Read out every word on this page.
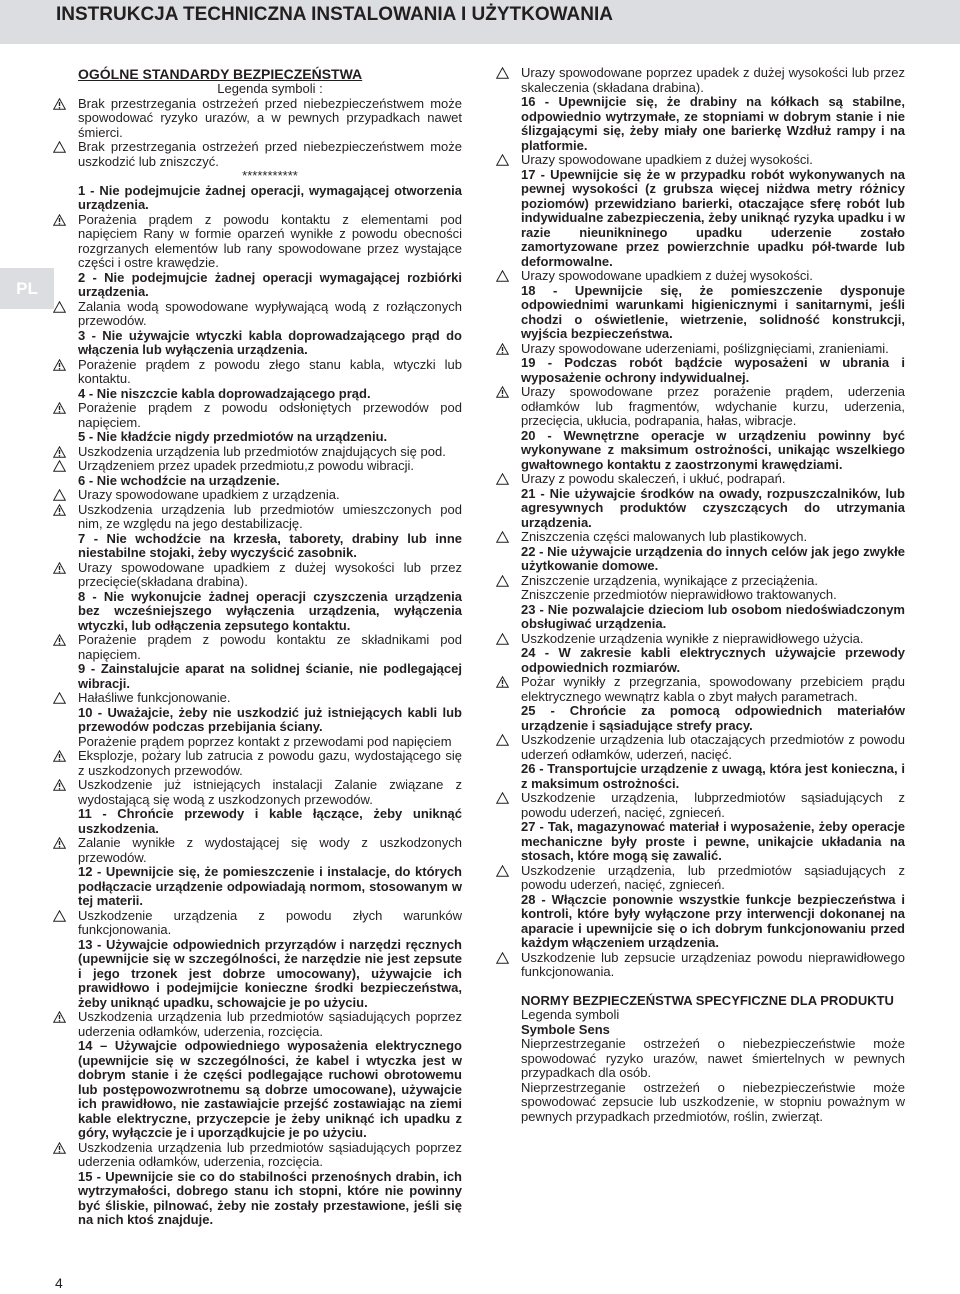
INSTRUKCJA TECHNICZNA INSTALOWANIA I UŻYTKOWANIA
PL

OGÓLNE STANDARDY BEZPIECZEŃSTWA

Legenda symboli :

Brak przestrzegania ostrzeżeń przed niebezpieczeństwem może spowodować ryzyko urazów, a w pewnych przypadkach nawet śmierci.

Brak przestrzegania ostrzeżeń przed niebezpieczeństwem może uszkodzić lub zniszczyć.

***********

1 - Nie podejmujcie żadnej operacji, wymagającej otworzenia urządzenia.

Porażenia prądem z powodu kontaktu z elementami pod napięciem Rany w formie oparzeń wynikłe z powodu obecności rozgrzanych elementów lub rany spowodowane przez wystające części i ostre krawędzie.

2 - Nie podejmujcie żadnej operacji wymagającej rozbiórki urządzenia.

Zalania wodą spowodowane wypływającą wodą z rozłączonych przewodów.

3 - Nie używajcie wtyczki kabla doprowadzającego prąd do włączenia lub wyłączenia urządzenia.

Porażenie prądem z powodu złego stanu kabla, wtyczki lub kontaktu.

4 - Nie niszczcie kabla doprowadzającego prąd.

Porażenie prądem z powodu odsłoniętych przewodów pod napięciem.

5 - Nie kładźcie nigdy przedmiotów na urządzeniu.

Uszkodzenia urządzenia lub przedmiotów znajdujących się pod.

Urządzeniem przez upadek przedmiotu,z powodu wibracji.

6 - Nie wchodźcie na urządzenie.

Urazy spowodowane upadkiem z urządzenia.

Uszkodzenia urządzenia lub przedmiotów umieszczonych pod nim, ze względu na jego destabilizację.

7 - Nie wchodźcie na krzesła, taborety, drabiny lub inne niestabilne stojaki, żeby wyczyścić zasobnik.

Urazy spowodowane upadkiem z dużej wysokości lub przez przecięcie(składana drabina).

8 - Nie wykonujcie żadnej operacji czyszczenia urządzenia bez wcześniejszego wyłączenia urządzenia, wyłączenia wtyczki, lub odłączenia zepsutego kontaktu.

Porażenie prądem z powodu kontaktu ze składnikami pod napięciem.

9 - Zainstalujcie aparat na solidnej ścianie, nie podlegającej wibracji.

Hałaśliwe funkcjonowanie.

10 - Uważajcie, żeby nie uszkodzić już istniejących kabli lub przewodów podczas przebijania ściany.

Porażenie prądem poprzez kontakt z przewodami pod napięciem

Eksplozje, pożary lub zatrucia z powodu gazu, wydostającego się z uszkodzonych przewodów.

Uszkodzenie już istniejących instalacji Zalanie związane z wydostającą się wodą z uszkodzonych przewodów.

11 - Chrońcie przewody i kable łączące, żeby uniknąć uszkodzenia.

Zalanie wynikłe z wydostającej się wody z uszkodzonych przewodów.

12 - Upewnijcie się, że pomieszczenie i instalacje, do których podłączacie urządzenie odpowiadają normom, stosowanym w tej materii.

Uszkodzenie urządzenia z powodu złych warunków funkcjonowania.

13 - Używajcie odpowiednich przyrządów i narzędzi ręcznych (upewnijcie się w szczególności, że narzędzie nie jest zepsute i jego trzonek jest dobrze umocowany), używajcie ich prawidłowo i podejmijcie konieczne środki bezpieczeństwa, żeby uniknąć upadku, schowajcie je po użyciu.

Uszkodzenia urządzenia lub przedmiotów sąsiadujących poprzez uderzenia odłamków, uderzenia, rozcięcia.

14 – Używajcie odpowiedniego wyposażenia elektrycznego (upewnijcie się w szczególności, że kabel i wtyczka jest w dobrym stanie i że części podlegające ruchowi obrotowemu lub postępowozwrotnemu są dobrze umocowane), używajcie ich prawidłowo, nie zastawiajcie przejść zostawiając na ziemi kable elektryczne, przyczepcie je żeby uniknąć ich upadku z góry, wyłączcie je i uporządkujcie je po użyciu.

Uszkodzenia urządzenia lub przedmiotów sąsiadujących poprzez uderzenia odłamków, uderzenia, rozcięcia.

15 - Upewnijcie sie co do stabilności przenośnych drabin, ich wytrzymałości, dobrego stanu ich stopni, które nie powinny być śliskie, pilnować, żeby nie zostały przestawione, jeśli się na nich ktoś znajduje.

Urazy spowodowane poprzez upadek z dużej wysokości lub przez skaleczenia (składana drabina).

16 - Upewnijcie się, że drabiny na kółkach są stabilne, odpowiednio wytrzymałe, ze stopniami w dobrym stanie i nie ślizgającymi się, żeby miały one barierkę Wzdłuż rampy i na platformie.

Urazy spowodowane upadkiem z dużej wysokości.

17 - Upewnijcie się że w przypadku robót wykonywanych na pewnej wysokości (z grubsza więcej niżdwa metry różnicy poziomów) przewidziano barierki, otaczające sferę robót lub indywidualne zabezpieczenia, żeby uniknąć ryzyka upadku i w razie nieunikninego upadku uderzenie zostało zamortyzowane przez powierzchnie upadku pół-twarde lub deformowalne.

Urazy spowodowane upadkiem z dużej wysokości.

18 - Upewnijcie się, że pomieszczenie dysponuje odpowiednimi warunkami higienicznymi i sanitarnymi, jeśli chodzi o oświetlenie, wietrzenie, solidność konstrukcji, wyjścia bezpieczeństwa.

Urazy spowodowane uderzeniami, poślizgnięciami, zranieniami.

19 - Podczas robót bądźcie wyposażeni w ubrania i wyposażenie ochrony indywidualnej.

Urazy spowodowane przez porażenie prądem, uderzenia odłamków lub fragmentów, wdychanie kurzu, uderzenia, przecięcia, ukłucia, podrapania, hałas, wibracje.

20 - Wewnętrzne operacje w urządzeniu powinny być wykonywane z maksimum ostrożności, unikając wszelkiego gwałtownego kontaktu z zaostrzonymi krawędziami.

Urazy z powodu skaleczeń, i ukłuć, podrapań.

21 - Nie używajcie środków na owady, rozpuszczalników, lub agresywnych produktów czyszczących do utrzymania urządzenia.

Zniszczenia części malowanych lub plastikowych.

22 - Nie używajcie urządzenia do innych celów jak jego zwykłe użytkowanie domowe.

Zniszczenie urządzenia, wynikające z przeciążenia.

Zniszczenie przedmiotów nieprawidłowo traktowanych.

23 - Nie pozwalajcie dzieciom lub osobom niedoświadczonym obsługiwać urządzenia.

Uszkodzenie urządzenia wynikłe z nieprawidłowego użycia.

24 - W zakresie kabli elektrycznych używajcie przewody odpowiednich rozmiarów.

Pożar wynikły z przegrzania, spowodowany przebiciem prądu elektrycznego wewnątrz kabla o zbyt małych parametrach.

25 - Chrońcie za pomocą odpowiednich materiałów urządzenie i sąsiadujące strefy pracy.

Uszkodzenie urządzenia lub otaczających przedmiotów z powodu uderzeń odłamków, uderzeń, nacięć.

26 - Transportujcie urządzenie z uwagą, która jest konieczna, i z maksimum ostrożności.

Uszkodzenie urządzenia, lubprzedmiotów sąsiadujących z powodu uderzeń, nacięć, zgnieceń.

27 - Tak, magazynować materiał i wyposażenie, żeby operacje mechaniczne były proste i pewne, unikajcie układania na stosach, które mogą się zawalić.

Uszkodzenie urządzenia, lub przedmiotów sąsiadujących z powodu uderzeń, nacięć, zgnieceń.

28 - Włączcie ponownie wszystkie funkcje bezpieczeństwa i kontroli, które były wyłączone przy interwencji dokonanej na aparacie i upewnijcie się o ich dobrym funkcjonowaniu przed każdym włączeniem urządzenia.

Uszkodzenie lub zepsucie urządzeniaz powodu nieprawidłowego funkcjonowania.

NORMY BEZPIECZEŃSTWA SPECYFICZNE DLA PRODUKTU

Legenda symboli

Symbole Sens

Nieprzestrzeganie ostrzeżeń o niebezpieczeństwie może spowodować ryzyko urazów, nawet śmiertelnych w pewnych przypadkach dla osób.

Nieprzestrzeganie ostrzeżeń o niebezpieczeństwie może spowodować zepsucie lub uszkodzenie, w stopniu poważnym w pewnych przypadkach przedmiotów, roślin, zwierząt.

4
